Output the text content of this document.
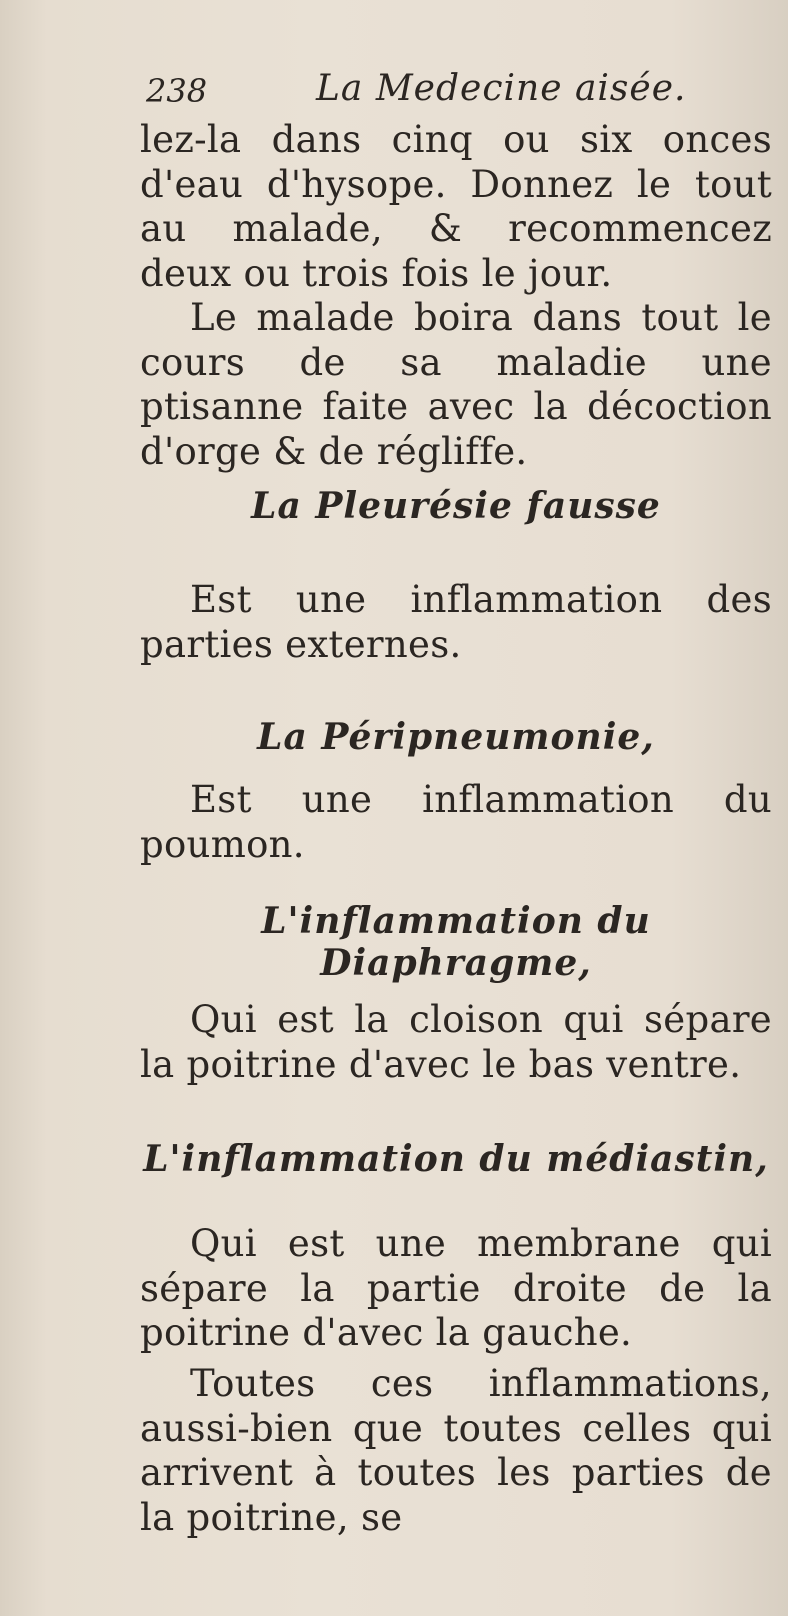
238	La Medecine aisée.

lez-la dans cinq ou six onces d'eau d'hysope. Donnez le tout au malade, & recommencez deux ou trois fois le jour.

Le malade boira dans tout le cours de sa maladie une ptisanne faite avec la décoction d'orge & de régliffe.

La Pleurésie fausse

Est une inflammation des parties externes.

La Péripneumonie,

Est une inflammation du poumon.

L'inflammation du Diaphragme,

Qui est la cloison qui sépare la poitrine d'avec le bas ventre.

L'inflammation du médiastin,

Qui est une membrane qui sépare la partie droite de la poitrine d'avec la gauche.

Toutes ces inflammations, aussi-bien que toutes celles qui arrivent à toutes les parties de la poitrine, se
